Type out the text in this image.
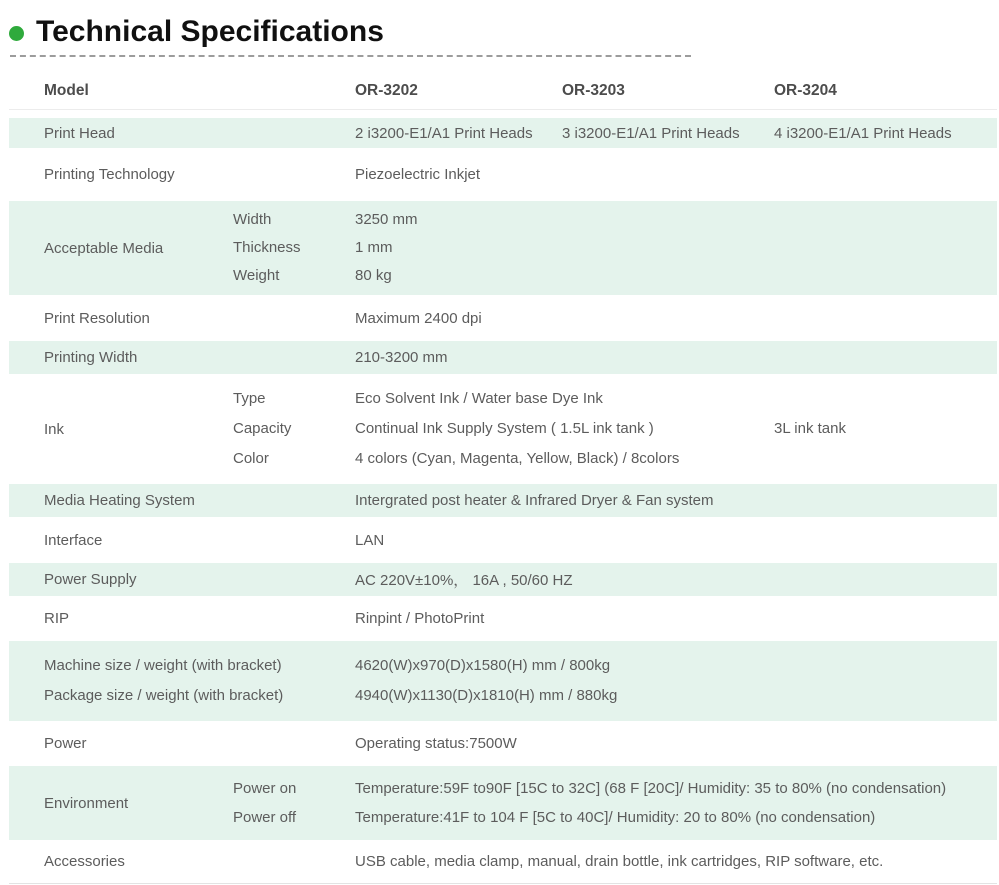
Technical Specifications
Model	OR-3202	OR-3203	OR-3204
Print Head	2 i3200-E1/A1 Print Heads	3 i3200-E1/A1 Print Heads	4 i3200-E1/A1 Print Heads
Printing Technology	Piezoelectric Inkjet
Acceptable Media
Width	3250 mm
Thickness	1 mm
Weight	80 kg
Print Resolution	Maximum 2400 dpi
Printing Width	210-3200 mm
Ink
Type	Eco Solvent Ink / Water base Dye Ink
Capacity	Continual Ink Supply System ( 1.5L ink tank )	3L ink tank
Color	4 colors (Cyan, Magenta, Yellow, Black) / 8colors
Media Heating System	Intergrated post heater & Infrared Dryer & Fan system
Interface	LAN
Power Supply	AC 220V±10%， 16A , 50/60 HZ
RIP	Rinpint / PhotoPrint
Machine size / weight (with bracket)	4620(W)x970(D)x1580(H) mm / 800kg
Package size / weight (with bracket)	4940(W)x1130(D)x1810(H) mm / 880kg
Power	Operating status:7500W
Environment
Power on	Temperature:59F to90F [15C to 32C] (68 F [20C]/ Humidity: 35 to 80% (no condensation)
Power off	Temperature:41F to 104 F [5C to 40C]/ Humidity: 20 to 80% (no condensation)
Accessories	USB cable, media clamp, manual, drain bottle, ink cartridges, RIP software, etc.
